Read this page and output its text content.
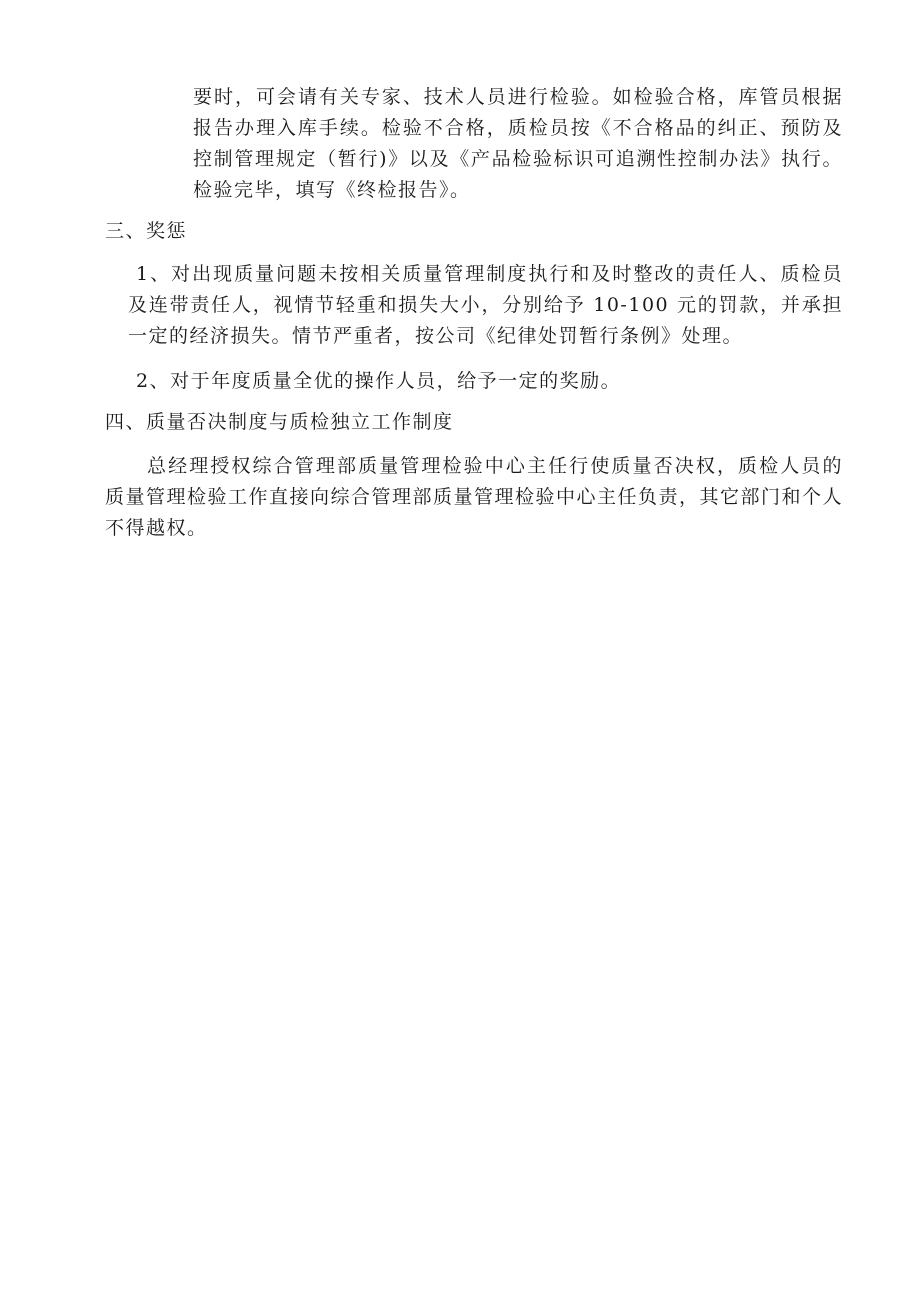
要时，可会请有关专家、技术人员进行检验。如检验合格，库管员根据报告办理入库手续。检验不合格，质检员按《不合格品的纠正、预防及控制管理规定（暂行)》以及《产品检验标识可追溯性控制办法》执行。检验完毕，填写《终检报告》。
三、奖惩
1、对出现质量问题未按相关质量管理制度执行和及时整改的责任人、质检员及连带责任人，视情节轻重和损失大小，分别给予 10-100 元的罚款，并承担一定的经济损失。情节严重者，按公司《纪律处罚暂行条例》处理。
2、对于年度质量全优的操作人员，给予一定的奖励。
四、质量否决制度与质检独立工作制度
总经理授权综合管理部质量管理检验中心主任行使质量否决权，质检人员的质量管理检验工作直接向综合管理部质量管理检验中心主任负责，其它部门和个人不得越权。
